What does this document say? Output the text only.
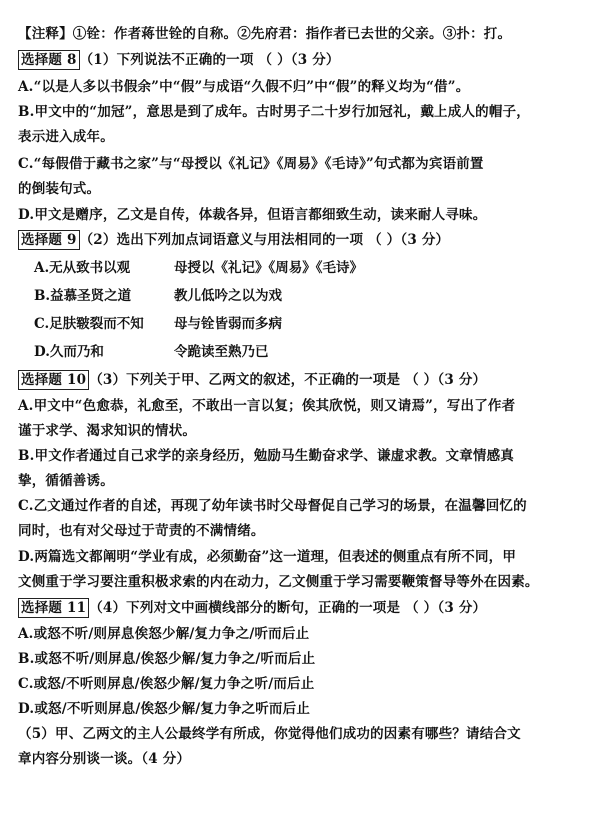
【注释】①铨：作者蒋世铨的自称。②先府君：指作者已去世的父亲。③扑：打。
选择题 8 （1）下列说法不正确的一项 （ ）（3 分）
A.“以是人多以书假余”中“假”与成语“久假不归”中“假”的释义均为“借”。
B.甲文中的“加冠”，意思是到了成年。古时男子二十岁行加冠礼，戴上成人的帽子，
表示进入成年。
C.“每假借于藏书之家”与“母授以《礼记》《周易》《毛诗》”句式都为宾语前置
的倒装句式。
D.甲文是赠序，乙文是自传，体裁各异，但语言都细致生动，读来耐人寻味。
选择题 9 （2）选出下列加点词语意义与用法相同的一项 （ ）（3 分）
A.无从致书以观	母授以《礼记》《周易》《毛诗》
B.益慕圣贤之道	教儿低吟之以为戏
C.足肤皲裂而不知 母与铨皆弱而多病
D.久而乃和	令跪读至熟乃已
选择题 10 （3）下列关于甲、乙两文的叙述，不正确的一项是 （ ）（3 分）
A.甲文中“色愈恭，礼愈至，不敢出一言以复；俟其欣悦，则又请焉”，写出了作者
谨于求学、渴求知识的情状。
B.甲文作者通过自己求学的亲身经历，勉励马生勤奋求学、谦虚求教。文章情感真
挚，循循善诱。
C.乙文通过作者的自述，再现了幼年读书时父母督促自己学习的场景，在温馨回忆的
同时，也有对父母过于苛责的不满情绪。
D.两篇选文都阐明“学业有成，必须勤奋”这一道理，但表述的侧重点有所不同，甲
文侧重于学习要注重积极求索的内在动力，乙文侧重于学习需要鞭策督导等外在因素。
选择题 11 （4）下列对文中画横线部分的断句，正确的一项是 （ ）（3 分）
A.或怒不听/则屏息俟怒少解/复力争之/听而后止
B.或怒不听/则屏息/俟怒少解/复力争之/听而后止
C.或怒/不听则屏息/俟怒少解/复力争之听/而后止
D.或怒/不听则屏息/俟怒少解/复力争之听而后止
（5）甲、乙两文的主人公最终学有所成，你觉得他们成功的因素有哪些？请结合文
章内容分别谈一谈。（4 分）
